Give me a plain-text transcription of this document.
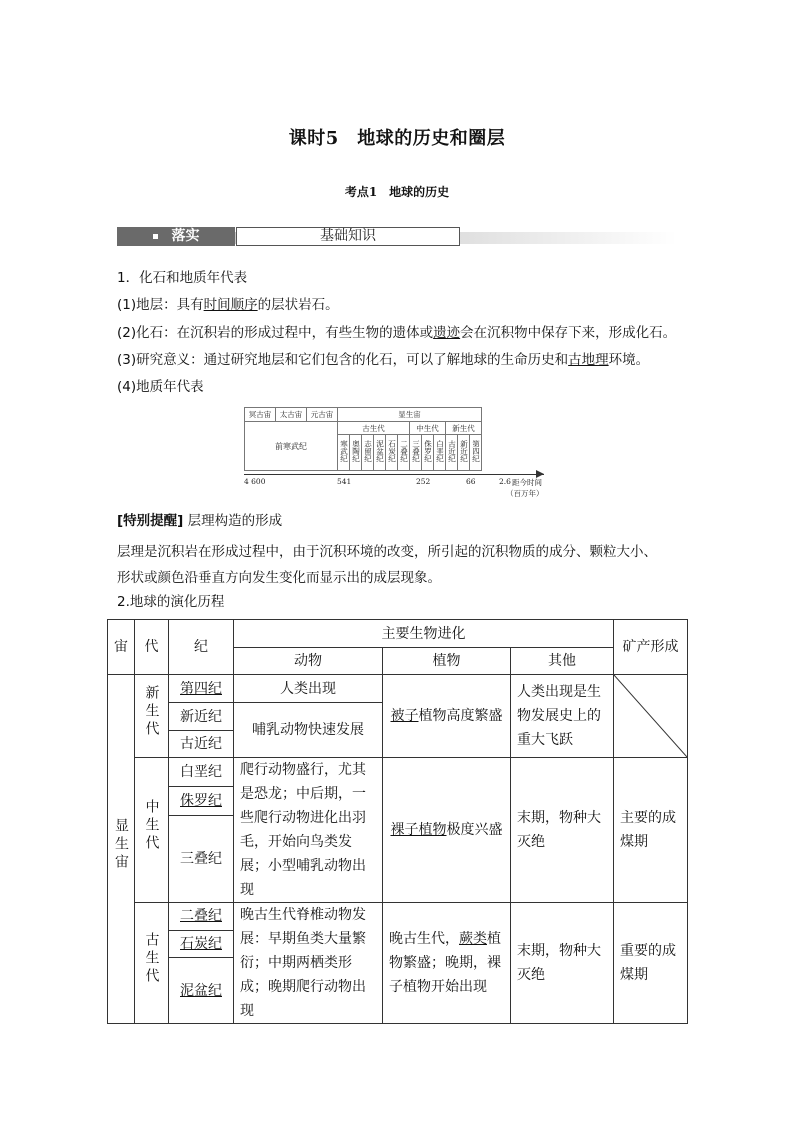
课时5　地球的历史和圈层
考点1　地球的历史
落实	基础知识
1．化石和地质年代表
(1)地层：具有时间顺序的层状岩石。
(2)化石：在沉积岩的形成过程中，有些生物的遗体或遗迹会在沉积物中保存下来，形成化石。
(3)研究意义：通过研究地层和它们包含的化石，可以了解地球的生命历史和古地理环境。
(4)地质年代表
冥古宙	太古宙	元古宙	显生宙											
前寒武纪			古生代						中生代			新生代		
			寒武纪	奥陶纪	志留纪	泥盆纪	石炭纪	二叠纪	三叠纪	侏罗纪	白垩纪	古近纪	新近纪	第四纪
4 600	541	252	66	2.6 距今时间
（百万年）
[特别提醒] 层理构造的形成
层理是沉积岩在形成过程中，由于沉积环境的改变，所引起的沉积物质的成分、颗粒大小、
形状或颜色沿垂直方向发生变化而显示出的成层现象。
2.地球的演化历程
宙	代	纪	主要生物进化			矿产形成
			动物	植物	其他	
显生宙	新生代	第四纪	人类出现	被子植物高度繁盛	人类出现是生物发展史上的重大飞跃	

		新近纪	哺乳动物快速发展			
		古近纪				
	中生代	白垩纪	爬行动物盛行，尤其是恐龙；中后期，一些爬行动物进化出羽毛，开始向鸟类发展；小型哺乳动物出现	裸子植物极度兴盛	末期，物种大灭绝	主要的成煤期
		侏罗纪				
		三叠纪				
	古生代	二叠纪	晚古生代脊椎动物发展：早期鱼类大量繁衍；中期两栖类形成；晚期爬行动物出现	晚古生代，蕨类植物繁盛；晚期，裸子植物开始出现	末期，物种大灭绝	重要的成煤期
		石炭纪				
		泥盆纪				
